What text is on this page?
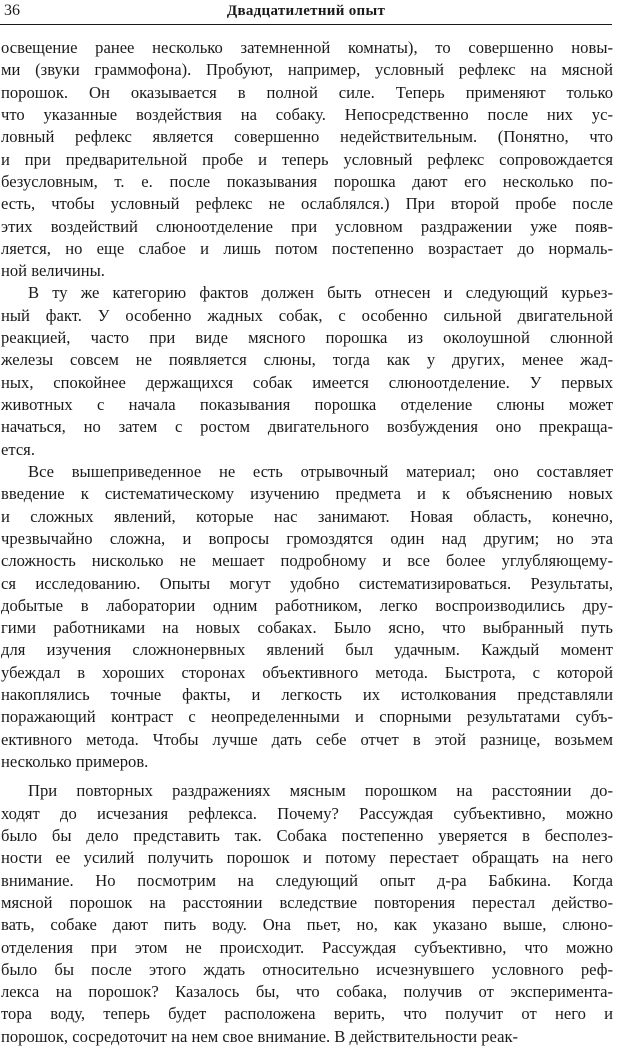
36	Двадцатилетний опыт
освещение ранее несколько затемненной комнаты), то совершенно новы-
ми (звуки граммофона). Пробуют, например, условный рефлекс на мясной
порошок. Он оказывается в полной силе. Теперь применяют только
что указанные воздействия на собаку. Непосредственно после них ус-
ловный рефлекс является совершенно недействительным. (Понятно, что
и при предварительной пробе и теперь условный рефлекс сопровождается
безусловным, т. е. после показывания порошка дают его несколько по-
есть, чтобы условный рефлекс не ослаблялся.) При второй пробе после
этих воздействий слюноотделение при условном раздражении уже появ-
ляется, но еще слабое и лишь потом постепенно возрастает до нормаль-
ной величины.
В ту же категорию фактов должен быть отнесен и следующий курьез-
ный факт. У особенно жадных собак, с особенно сильной двигательной
реакцией, часто при виде мясного порошка из околоушной слюнной
железы совсем не появляется слюны, тогда как у других, менее жад-
ных, спокойнее держащихся собак имеется слюноотделение. У первых
животных с начала показывания порошка отделение слюны может
начаться, но затем с ростом двигательного возбуждения оно прекраща-
ется.
Все вышеприведенное не есть отрывочный материал; оно составляет
введение к систематическому изучению предмета и к объяснению новых
и сложных явлений, которые нас занимают. Новая область, конечно,
чрезвычайно сложна, и вопросы громоздятся один над другим; но эта
сложность нисколько не мешает подробному и все более углубляющему-
ся исследованию. Опыты могут удобно систематизироваться. Результаты,
добытые в лаборатории одним работником, легко воспроизводились дру-
гими работниками на новых собаках. Было ясно, что выбранный путь
для изучения сложнонервных явлений был удачным. Каждый момент
убеждал в хороших сторонах объективного метода. Быстрота, с которой
накоплялись точные факты, и легкость их истолкования представляли
поражающий контраст с неопределенными и спорными результатами субъ-
ективного метода. Чтобы лучше дать себе отчет в этой разнице, возьмем
несколько примеров.
При повторных раздражениях мясным порошком на расстоянии до-
ходят до исчезания рефлекса. Почему? Рассуждая субъективно, можно
было бы дело представить так. Собака постепенно уверяется в бесполез-
ности ее усилий получить порошок и потому перестает обращать на него
внимание. Но посмотрим на следующий опыт д-ра Бабкина. Когда
мясной порошок на расстоянии вследствие повторения перестал действо-
вать, собаке дают пить воду. Она пьет, но, как указано выше, слюно-
отделения при этом не происходит. Рассуждая субъективно, что можно
было бы после этого ждать относительно исчезнувшего условного реф-
лекса на порошок? Казалось бы, что собака, получив от эксперимента-
тора воду, теперь будет расположена верить, что получит от него и
порошок, сосредоточит на нем свое внимание. В действительности реак-
